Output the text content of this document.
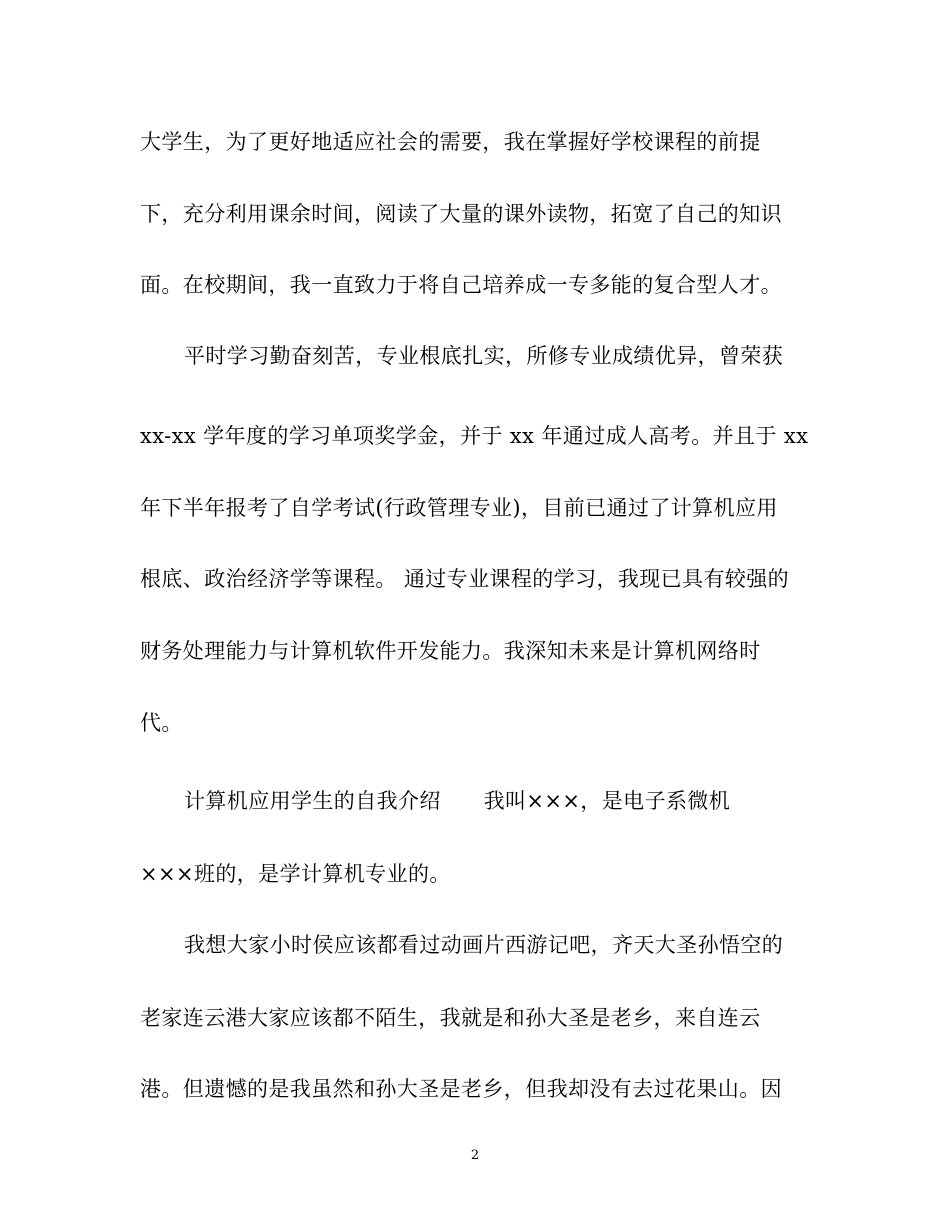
大学生，为了更好地适应社会的需要，我在掌握好学校课程的前提
下，充分利用课余时间，阅读了大量的课外读物，拓宽了自己的知识
面。在校期间，我一直致力于将自己培养成一专多能的复合型人才。
平时学习勤奋刻苦，专业根底扎实，所修专业成绩优异，曾荣获
xx-xx 学年度的学习单项奖学金，并于 xx 年通过成人高考。并且于 xx
年下半年报考了自学考试(行政管理专业)，目前已通过了计算机应用
根底、政治经济学等课程。 通过专业课程的学习，我现已具有较强的
财务处理能力与计算机软件开发能力。我深知未来是计算机网络时
代。
计算机应用学生的自我介绍　　我叫×××，是电子系微机
×××班的，是学计算机专业的。
我想大家小时侯应该都看过动画片西游记吧，齐天大圣孙悟空的
老家连云港大家应该都不陌生，我就是和孙大圣是老乡，来自连云
港。但遗憾的是我虽然和孙大圣是老乡，但我却没有去过花果山。因
2
